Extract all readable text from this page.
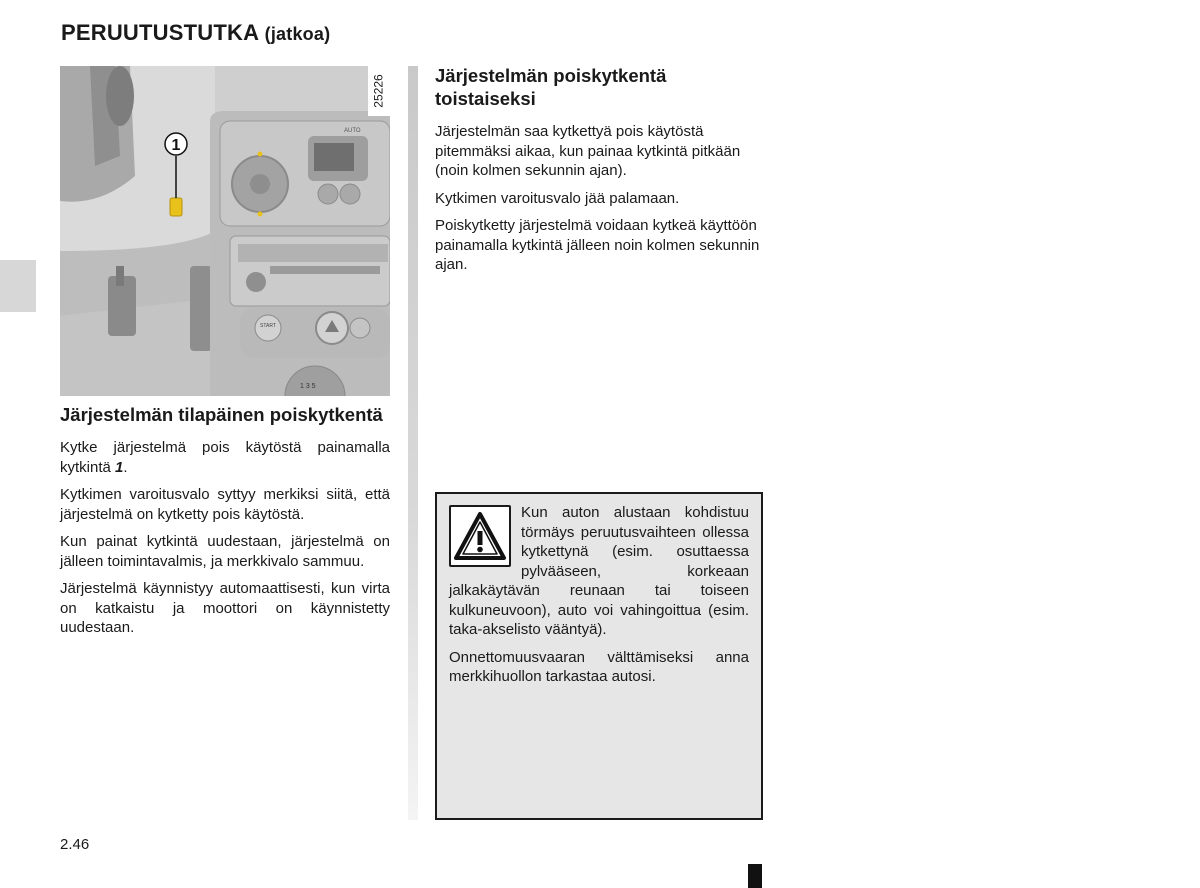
PERUUTUSTUTKA (jatkoa)
AUTO
START
1 3 5
1
25226
Järjestelmän tilapäinen poiskytkentä

Kytke järjestelmä pois käytöstä painamalla kytkintä 1.

Kytkimen varoitusvalo syttyy merkiksi siitä, että järjestelmä on kytketty pois käytöstä.

Kun painat kytkintä uudestaan, järjestelmä on jälleen toimintavalmis, ja merkkivalo sammuu.

Järjestelmä käynnistyy automaattisesti, kun virta on katkaistu ja moottori on käynnistetty uudestaan.

Järjestelmän poiskytkentä toistaiseksi

Järjestelmän saa kytkettyä pois käytöstä pitemmäksi aikaa, kun painaa kytkintä pitkään (noin kolmen sekunnin ajan).

Kytkimen varoitusvalo jää palamaan.

Poiskytketty järjestelmä voidaan kytkeä käyttöön painamalla kytkintä jälleen noin kolmen sekunnin ajan.

Kun auton alustaan kohdistuu törmäys peruutusvaihteen ollessa kytkettynä (esim. osuttaessa pylvääseen, korkeaan jalkakäytävän reunaan tai toiseen kulkuneuvoon), auto voi vahingoittua (esim. taka-akselisto vääntyä).

Onnettomuusvaaran välttämiseksi anna merkkihuollon tarkastaa autosi.

2.46
